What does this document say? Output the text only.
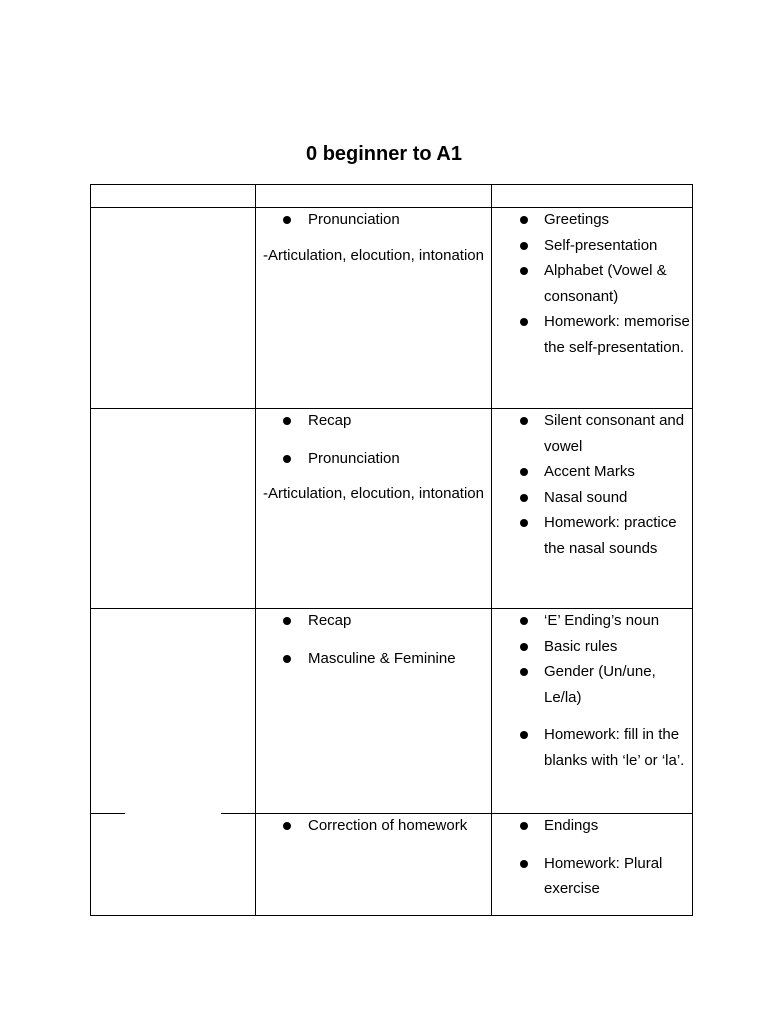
0 beginner to A1
Pronunciation

-Articulation, elocution, intonation

Greetings
Self-presentation
Alphabet (Vowel & consonant)
Homework: memorise the self-presentation.
Recap
Pronunciation

-Articulation, elocution, intonation

Silent consonant and vowel
Accent Marks
Nasal sound
Homework: practice the nasal sounds
Recap
Masculine & Feminine
‘E’ Ending’s noun
Basic rules
Gender (Un/une, Le/la)
Homework: fill in the blanks with ‘le’ or ‘la’.
Correction of homework	Endings
Homework: Plural exercise
